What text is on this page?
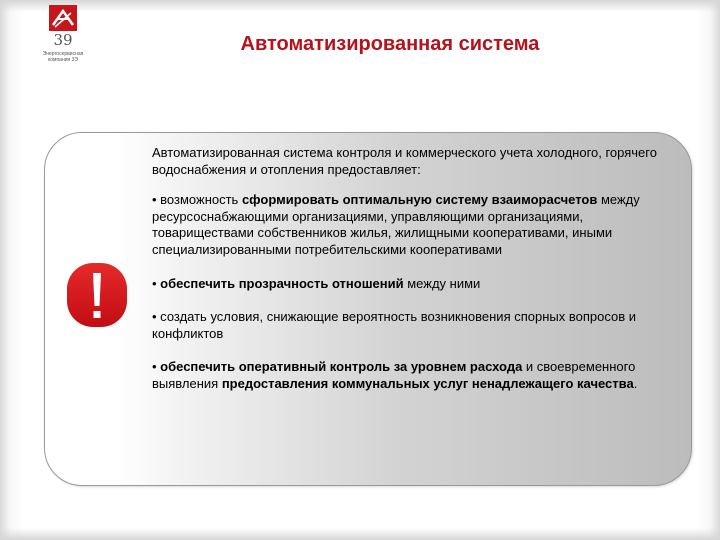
39
Энергосервисная компания 3Э
Автоматизированная система

Автоматизированная система контроля и коммерческого учета холодного, горячего водоснабжения и отопления предоставляет:

• возможность сформировать оптимальную систему взаиморасчетов между ресурсоснабжающими организациями, управляющими организациями, товариществами собственников жилья, жилищными кооперативами, иными специализированными потребительскими кооперативами

• обеспечить прозрачность отношений между ними

• создать условия, снижающие вероятность возникновения спорных вопросов и конфликтов

• обеспечить оперативный контроль за уровнем расхода и своевременного выявления предоставления коммунальных услуг ненадлежащего качества.
